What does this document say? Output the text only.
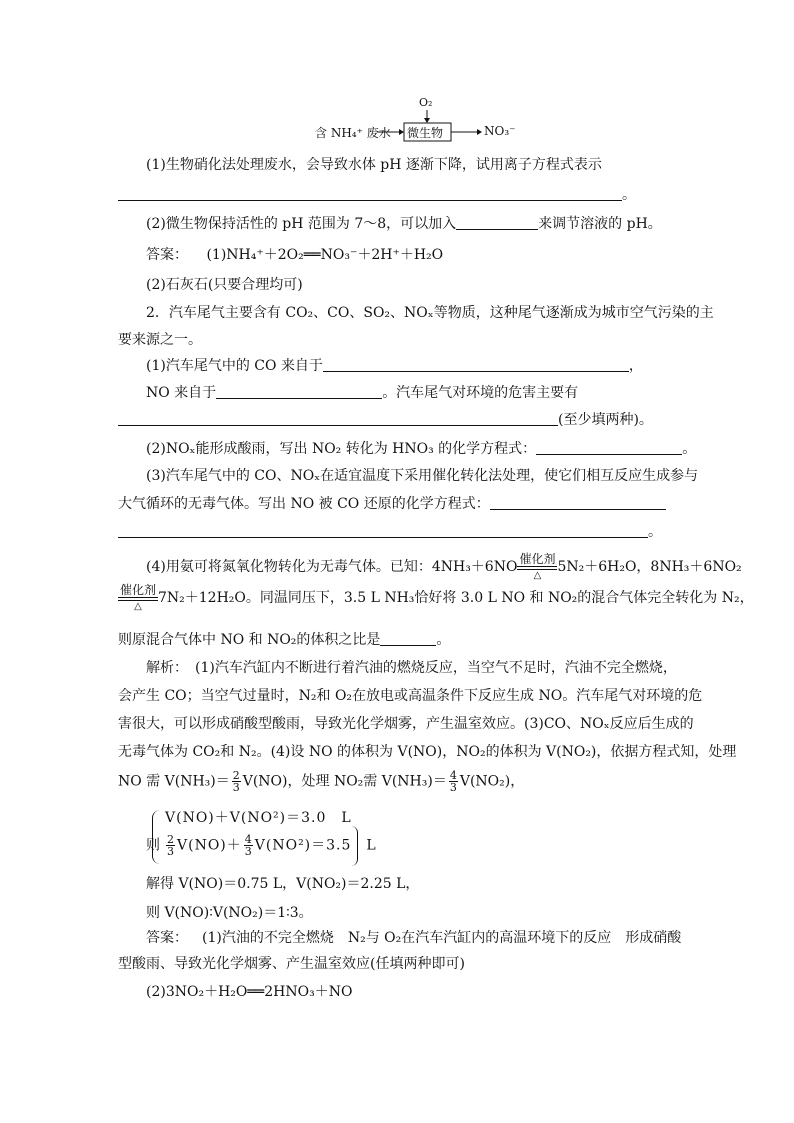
O₂
含 NH₄⁺ 废水 微生物	NO₃⁻
(1)生物硝化法处理废水，会导致水体 pH 逐渐下降，试用离子方程式表示
。
(2)微生物保持活性的 pH 范围为 7～8，可以加入	来调节溶液的 pH。
答案： (1)NH₄⁺＋2O₂══NO₃⁻＋2H⁺＋H₂O
(2)石灰石(只要合理均可)
2．汽车尾气主要含有 CO₂、CO、SO₂、NOₓ等物质，这种尾气逐渐成为城市空气污染的主
要来源之一。
(1)汽车尾气中的 CO 来自于	，
NO 来自于	。汽车尾气对环境的危害主要有
(至少填两种)。
(2)NOₓ能形成酸雨，写出 NO₂ 转化为 HNO₃ 的化学方程式：	。
(3)汽车尾气中的 CO、NOₓ在适宜温度下采用催化转化法处理，使它们相互反应生成参与
大气循环的无毒气体。写出 NO 被 CO 还原的化学方程式：
。
(4)用氨可将氮氧化物转化为无毒气体。已知：4NH₃＋6NO 催化剂
△
5N₂＋6H₂O，8NH₃＋6NO₂
催化剂
△
7N₂＋12H₂O。同温同压下，3.5 L NH₃恰好将 3.0 L NO 和 NO₂的混合气体完全转化为 N₂，
则原混合气体中 NO 和 NO₂的体积之比是	。
解析：　(1)汽车汽缸内不断进行着汽油的燃烧反应，当空气不足时，汽油不完全燃烧，
会产生 CO；当空气过量时，N₂和 O₂在放电或高温条件下反应生成 NO。汽车尾气对环境的危
害很大，可以形成硝酸型酸雨，导致光化学烟雾，产生温室效应。(3)CO、NOₓ反应后生成的
无毒气体为 CO₂和 N₂。(4)设 NO 的体积为 V(NO)，NO₂的体积为 V(NO₂)，依据方程式知，处理
NO 需 $V(NH_3)= \frac{2}{3} V(NO)$，处理 NO₂需 $V(NH_3)= \frac{4}{3} V(NO_2)$，
V(NO)＋V(NO²)＝3.0　L
则 $\frac{2}{3} V(NO)+ \frac{4}{3} V(NO^2)=3.5$　L
解得 V(NO)＝0.75 L，V(NO₂)＝2.25 L，
则 V(NO)∶V(NO₂)＝1∶3。
答案： (1)汽油的不完全燃烧　N₂与 O₂在汽车汽缸内的高温环境下的反应　形成硝酸
型酸雨、导致光化学烟雾、产生温室效应(任填两种即可)
(2)3NO₂＋H₂O══2HNO₃＋NO
